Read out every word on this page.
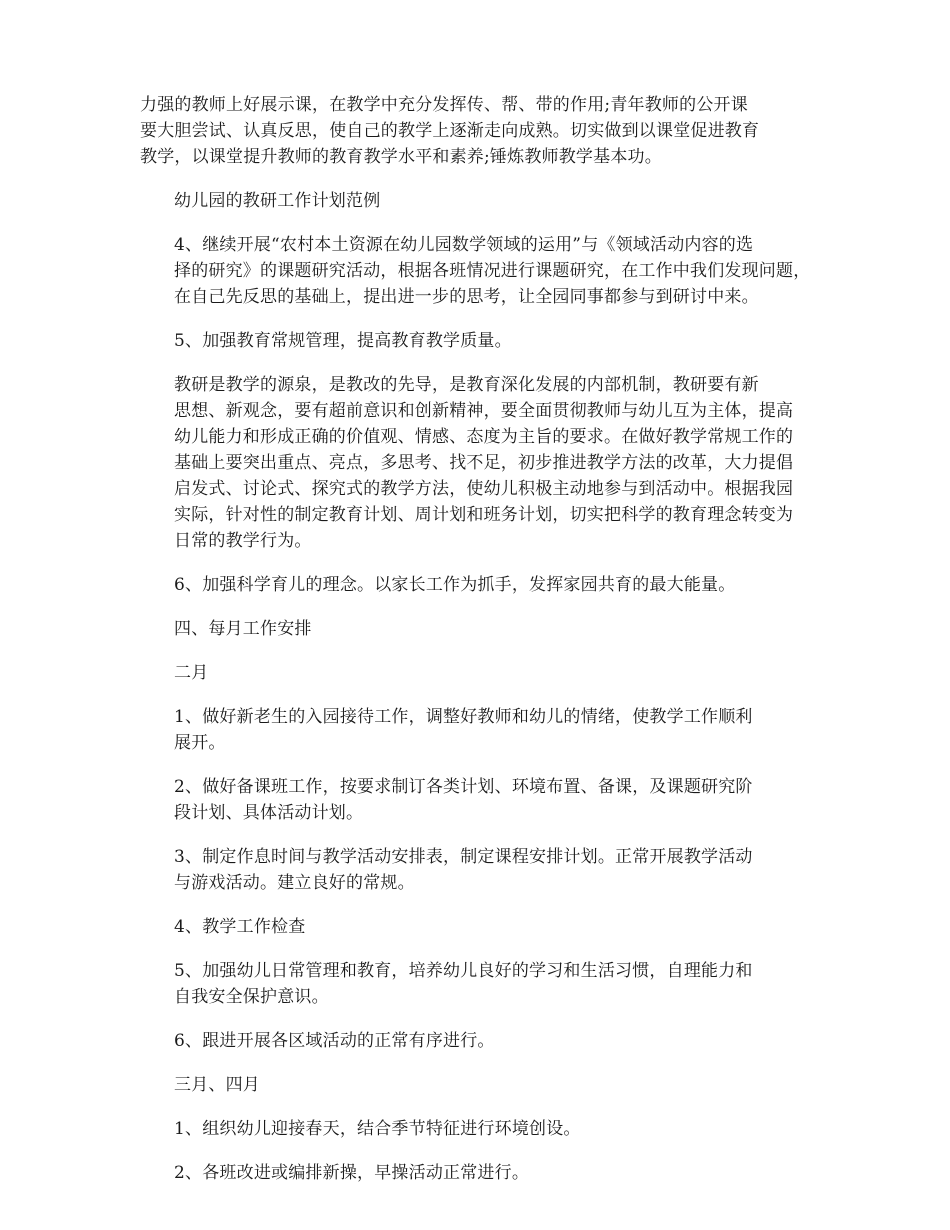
力强的教师上好展示课，在教学中充分发挥传、帮、带的作用;青年教师的公开课
要大胆尝试、认真反思，使自己的教学上逐渐走向成熟。切实做到以课堂促进教育
教学，以课堂提升教师的教育教学水平和素养;锤炼教师教学基本功。

幼儿园的教研工作计划范例

4、继续开展“农村本土资源在幼儿园数学领域的运用”与《领域活动内容的选
择的研究》的课题研究活动，根据各班情况进行课题研究，在工作中我们发现问题，
在自己先反思的基础上，提出进一步的思考，让全园同事都参与到研讨中来。

5、加强教育常规管理，提高教育教学质量。

教研是教学的源泉，是教改的先导，是教育深化发展的内部机制，教研要有新
思想、新观念，要有超前意识和创新精神，要全面贯彻教师与幼儿互为主体，提高
幼儿能力和形成正确的价值观、情感、态度为主旨的要求。在做好教学常规工作的
基础上要突出重点、亮点，多思考、找不足，初步推进教学方法的改革，大力提倡
启发式、讨论式、探究式的教学方法，使幼儿积极主动地参与到活动中。根据我园
实际，针对性的制定教育计划、周计划和班务计划，切实把科学的教育理念转变为
日常的教学行为。

6、加强科学育儿的理念。以家长工作为抓手，发挥家园共育的最大能量。

四、每月工作安排

二月

1、做好新老生的入园接待工作，调整好教师和幼儿的情绪，使教学工作顺利
展开。

2、做好备课班工作，按要求制订各类计划、环境布置、备课，及课题研究阶
段计划、具体活动计划。

3、制定作息时间与教学活动安排表，制定课程安排计划。正常开展教学活动
与游戏活动。建立良好的常规。

4、教学工作检查

5、加强幼儿日常管理和教育，培养幼儿良好的学习和生活习惯，自理能力和
自我安全保护意识。

6、跟进开展各区域活动的正常有序进行。

三月、四月

1、组织幼儿迎接春天，结合季节特征进行环境创设。

2、各班改进或编排新操，早操活动正常进行。
